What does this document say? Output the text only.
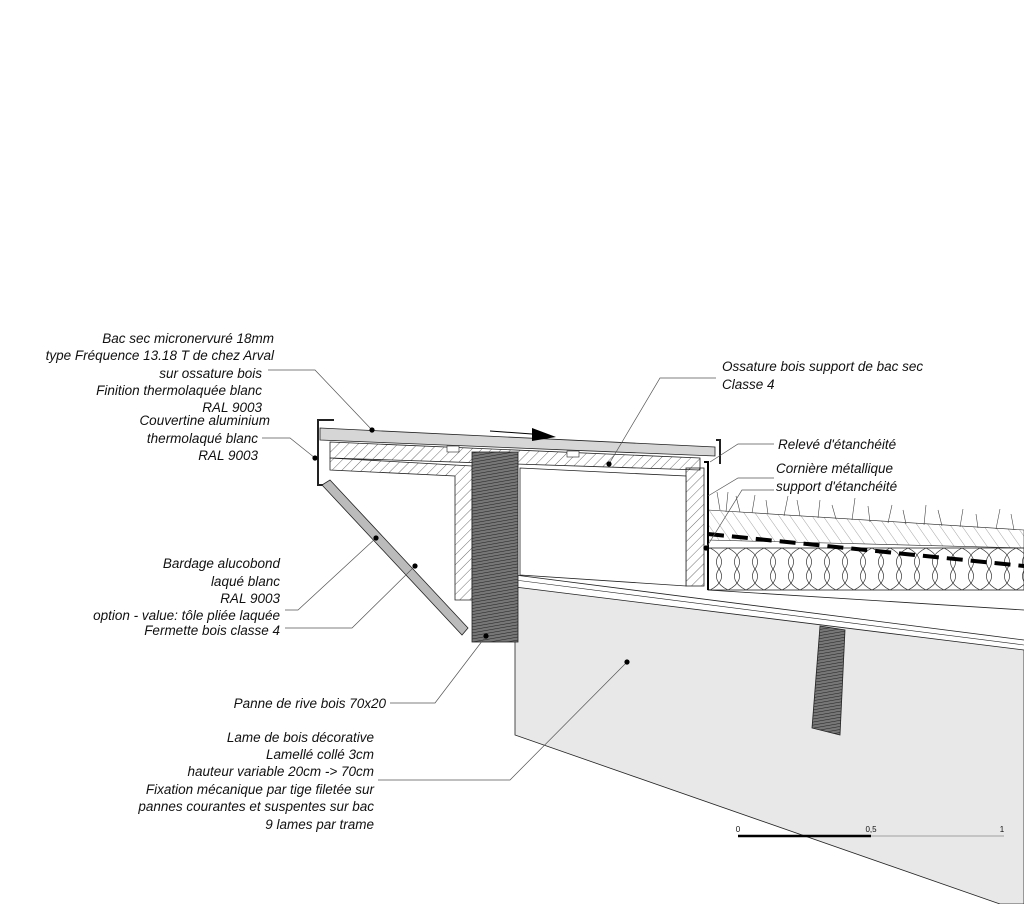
Bac sec micronervuré 18mm
type Fréquence 13.18 T de chez Arval
sur ossature bois
Finition thermolaquée blanc
RAL 9003
Couvertine aluminium
thermolaqué blanc
RAL 9003
Bardage alucobond
laqué blanc
RAL 9003
option - value: tôle pliée laquée
Fermette bois classe 4
Panne de rive bois 70x20
Lame de bois décorative
Lamellé collé 3cm
hauteur variable 20cm -> 70cm
Fixation mécanique par tige filetée sur
pannes courantes et suspentes sur bac
9 lames par trame
Ossature bois support de bac sec
Classe 4
Relevé d'étanchéité
Cornière métallique
support d'étanchéité
0	0,5	1
